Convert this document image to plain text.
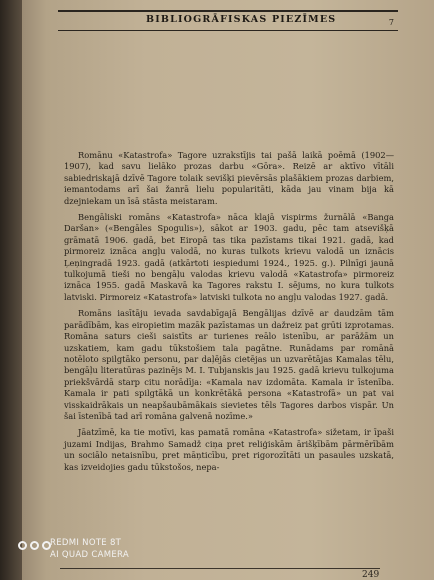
BIBLIOGRĀFISKAS PIEZĪMES	7

Romānu «Katastrofa» Tagore uzrakstījis tai pašā laikā poēmā (1902—1907), kad savu lielāko prozas darbu «Gōra». Reizē ar aktīvo vītāli sabiedriskajā dzīvē Tagore tolaik sevišķi pievērsās plašākiem prozas darbiem, iemantodams arī šai žanrā lielu popularitāti, kāda jau vinam bija kā dzejniekam un īsā stāsta meistaram.

Bengāliski romāns «Katastrofa» nāca klajā vispirms žurnālā «Banga Daršan» («Bengāles Spogulis»), sākot ar 1903. gadu, pēc tam atsevišķā grāmatā 1906. gadā, bet Eiropā tas tika pazīstams tikai 1921. gadā, kad pirmoreiz iznāca angļu valodā, no kuras tulkots krievu valodā un iznācis Ļeņingradā 1923. gadā (atkārtoti iespiedumi 1924., 1925. g.). Pilnīgi jaunā tulkojumā tieši no bengāļu valodas krievu valodā «Katastrofa» pirmoreiz iznāca 1955. gadā Maskavā ka Tagores rakstu I. sējums, no kura tulkots latviski. Pirmoreiz «Katastrofa» latviski tulkota no angļu valodas 1927. gadā.

Romāns iasītāju ievada savdabīgajā Bengālijas dzīvē ar daudzām tām parādībām, kas eiropietim mazāk pazīstamas un dažreiz pat grūti izprotamas. Romāna saturs cieši saistīts ar turienes reālo istenību, ar parāžām un uzskatiem, kam gadu tūkstošiem tala pagātne. Runādams par romānā notēloto spilgtāko personu, par daļējās cietējas un uzvarētājas Kamalas tēlu, bengāļu literatūras pazinējs M. I. Tubjanskis jau 1925. gadā krievu tulkojuma priekšvārdā starp citu norādīja: «Kamala nav izdomāta. Kamala ir īstenība. Kamala ir pati spilgtākā un konkrētākā persona «Katastrofā» un pat vai visskaidrākais un neapšaubāmākais sievietes tēls Tagores darbos vispār. Un šai īstenībā tad arī romāna galvenā nozīme.»

Jāatzīmē, ka tie motīvi, kas pamatā romāna «Katastrofa» sižetam, ir īpaši juzami Indijas, Brahmo Samadž ciņa pret reliģiskām ārišķībām pārmērībām un sociālo netaisnību, pret māņticību, pret rigorozītāti un pasaules uzskatā, kas izveidojies gadu tūkstošos, nepa-

249
REDMI NOTE 8T
AI QUAD CAMERA
